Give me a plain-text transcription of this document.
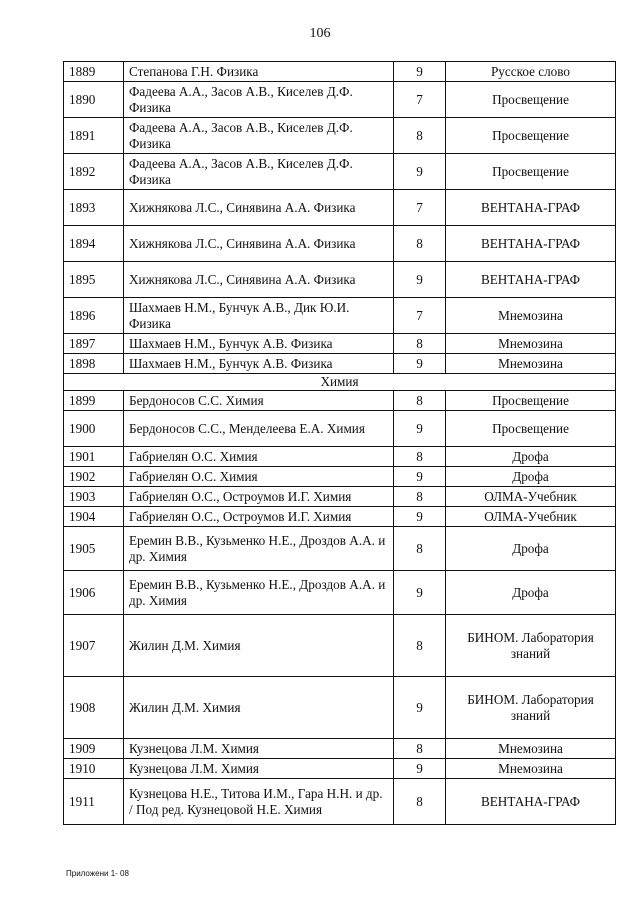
106
1889	Степанова Г.Н. Физика	9	Русское слово
1890	Фадеева А.А., Засов А.В., Киселев Д.Ф. Физика	7	Просвещение
1891	Фадеева А.А., Засов А.В., Киселев Д.Ф. Физика	8	Просвещение
1892	Фадеева А.А., Засов А.В., Киселев Д.Ф. Физика	9	Просвещение
1893	Хижнякова Л.С., Синявина А.А. Физика	7	ВЕНТАНА-ГРАФ
1894	Хижнякова Л.С., Синявина А.А. Физика	8	ВЕНТАНА-ГРАФ
1895	Хижнякова Л.С., Синявина А.А. Физика	9	ВЕНТАНА-ГРАФ
1896	Шахмаев Н.М., Бунчук А.В., Дик Ю.И. Физика	7	Мнемозина
1897	Шахмаев Н.М., Бунчук А.В. Физика	8	Мнемозина
1898	Шахмаев Н.М., Бунчук А.В. Физика	9	Мнемозина
Химия			
1899	Бердоносов С.С. Химия	8	Просвещение
1900	Бердоносов С.С., Менделеева Е.А. Химия	9	Просвещение
1901	Габриелян О.С. Химия	8	Дрофа
1902	Габриелян О.С. Химия	9	Дрофа
1903	Габриелян О.С., Остроумов И.Г. Химия	8	ОЛМА-Учебник
1904	Габриелян О.С., Остроумов И.Г. Химия	9	ОЛМА-Учебник
1905	Еремин В.В., Кузьменко Н.Е., Дроздов А.А. и др. Химия	8	Дрофа
1906	Еремин В.В., Кузьменко Н.Е., Дроздов А.А. и др. Химия	9	Дрофа
1907	Жилин Д.М. Химия	8	БИНОМ. Лаборатория знаний
1908	Жилин Д.М. Химия	9	БИНОМ. Лаборатория знаний
1909	Кузнецова Л.М. Химия	8	Мнемозина
1910	Кузнецова Л.М. Химия	9	Мнемозина
1911	Кузнецова Н.Е., Титова И.М., Гара Н.Н. и др. / Под ред. Кузнецовой Н.Е. Химия	8	ВЕНТАНА-ГРАФ
Приложени 1- 08
